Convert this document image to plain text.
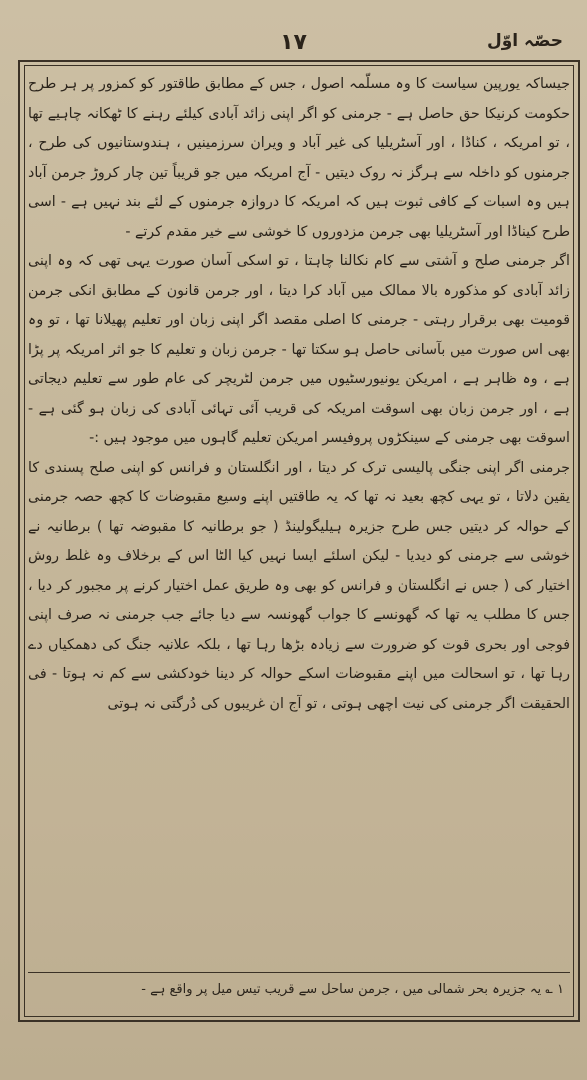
١٧	حصّہ اوّل

جیساکہ یورپین سیاست کا وہ مسلّمہ اصول ، جس کے مطابق طاقتور کو کمزور پر ہر طرح حکومت کرنیکا حق حاصل ہے - جرمنی کو اگر اپنی زائد آبادی کیلئے رہنے کا ٹھکانہ چاہیے تھا ، تو امریکہ ، کناڈا ، اور آسٹریلیا کی غیر آباد و ویران سرزمینیں ، ہندوستانیوں کی طرح ، جرمنوں کو داخلہ سے ہرگز نہ روک دیتیں - آج امریکہ میں جو قریباً تین چار کروڑ جرمن آباد ہیں وہ اسبات کے کافی ثبوت ہیں کہ امریکہ کا دروازہ جرمنوں کے لئے بند نہیں ہے - اسی طرح کیناڈا اور آسٹریلیا بھی جرمن مزدوروں کا خوشی سے خیر مقدم کرتے -

اگر جرمنی صلح و آشتی سے کام نکالنا چاہتا ، تو اسکی آسان صورت یہی تھی کہ وہ اپنی زائد آبادی کو مذکورہ بالا ممالک میں آباد کرا دیتا ، اور جرمن قانون کے مطابق انکی جرمن قومیت بھی برقرار رہتی - جرمنی کا اصلی مقصد اگر اپنی زبان اور تعلیم پھیلانا تھا ، تو وہ بھی اس صورت میں بآسانی حاصل ہو سکتا تھا - جرمن زبان و تعلیم کا جو اثر امریکہ پر پڑا ہے ، وہ ظاہر ہے ، امریکن یونیورسٹیوں میں جرمن لٹریچر کی عام طور سے تعلیم دیجاتی ہے ، اور جرمن زبان بھی اسوقت امریکہ کی قریب آئی تہائی آبادی کی زبان ہو گئی ہے - اسوقت بھی جرمنی کے سینکڑوں پروفیسر امریکن تعلیم گاہوں میں موجود ہیں :-

جرمنی اگر اپنی جنگی پالیسی ترک کر دیتا ، اور انگلستان و فرانس کو اپنی صلح پسندی کا یقین دلاتا ، تو یہی کچھ بعید نہ تھا کہ یہ طاقتیں اپنے وسیع مقبوضات کا کچھ حصہ جرمنی کے حوالہ کر دیتیں جس طرح جزیرہ ہیلیگولینڈ ( جو برطانیہ کا مقبوضہ تھا ) برطانیہ نے خوشی سے جرمنی کو دیدیا - لیکن اسلئے ایسا نہیں کیا الٹا اس کے برخلاف وہ غلط روش اختیار کی ( جس نے انگلستان و فرانس کو بھی وہ طریق عمل اختیار کرنے پر مجبور کر دیا ، جس کا مطلب یہ تھا کہ گھونسے کا جواب گھونسہ سے دیا جائے جب جرمنی نہ صرف اپنی فوجی اور بحری قوت کو ضرورت سے زیادہ بڑھا رہا تھا ، بلکہ علانیہ جنگ کی دھمکیاں دے رہا تھا ، تو اسحالت میں اپنے مقبوضات اسکے حوالہ کر دینا خودکشی سے کم نہ ہوتا - فی الحقیقت اگر جرمنی کی نیت اچھی ہوتی ، تو آج ان غریبوں کی دُرگتی نہ ہوتی

١ ؎ یہ جزیرہ بحر شمالی میں ، جرمن ساحل سے قریب تیس میل پر واقع ہے -
